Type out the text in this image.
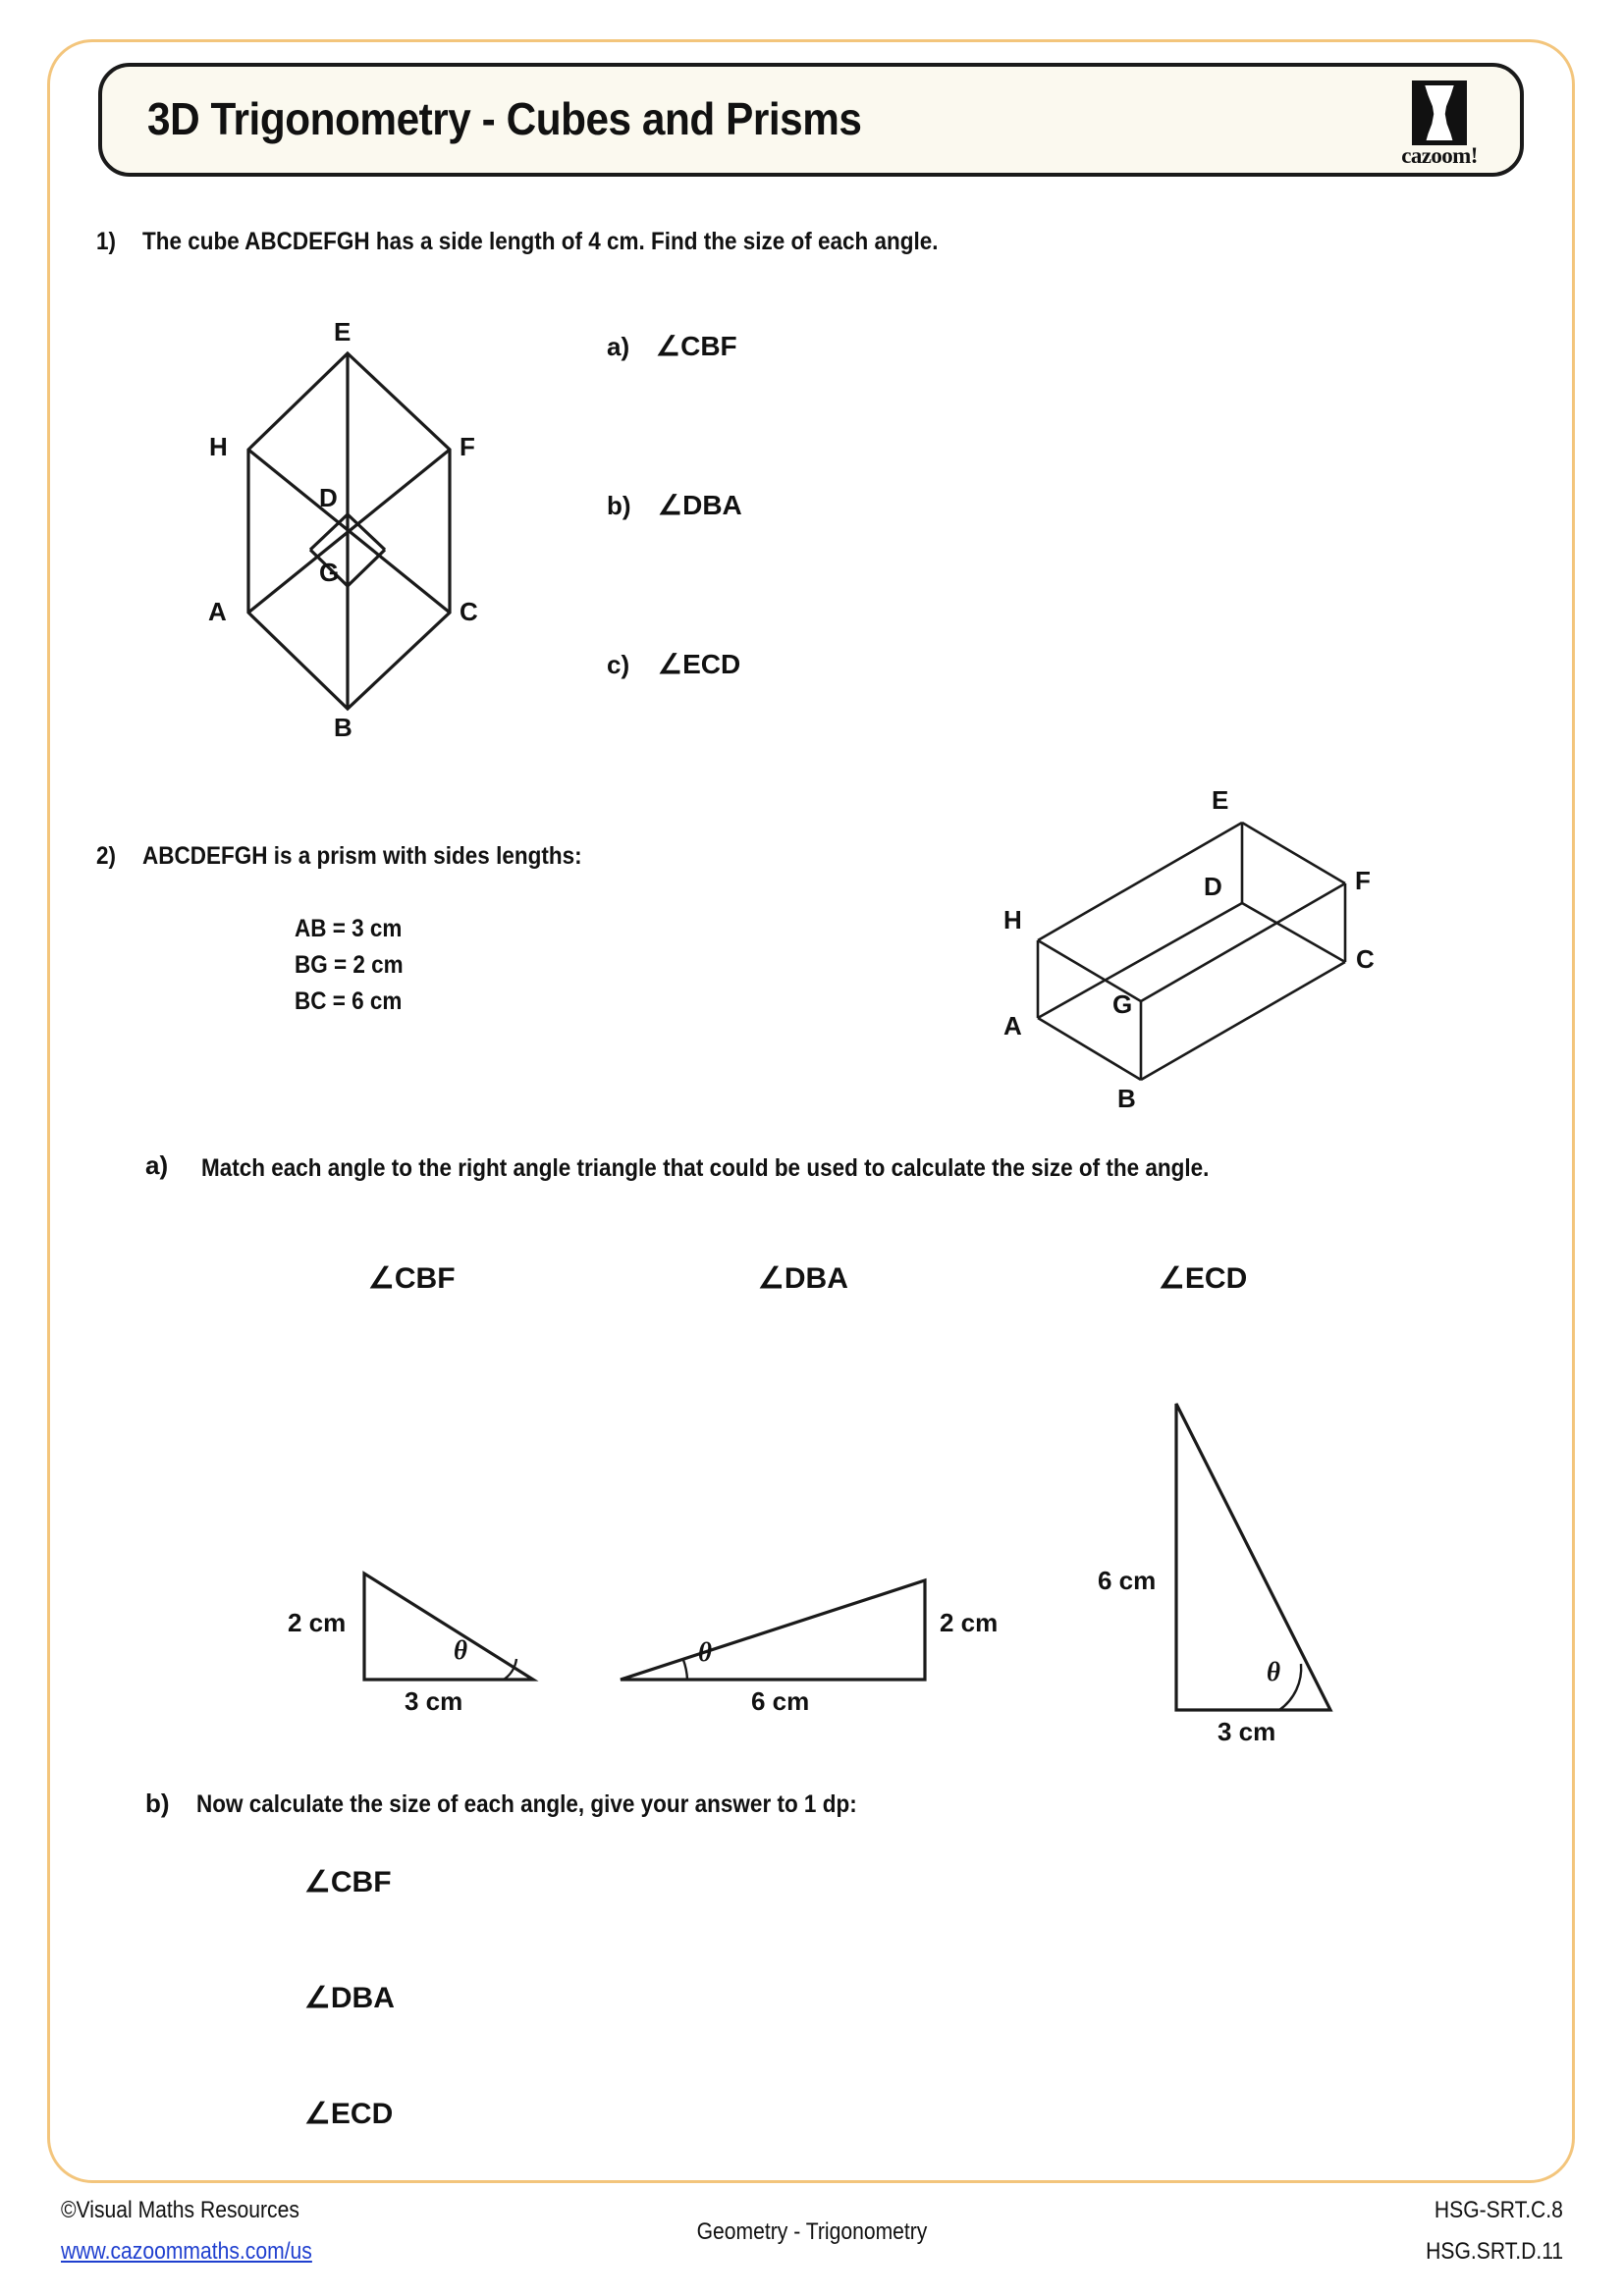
3D Trigonometry - Cubes and Prisms
cazoom!
1) The cube ABCDEFGH has a side length of 4 cm. Find the size of each angle.
E
H	F
D
G
A	C
B
a) ∠CBF
b) ∠DBA
c) ∠ECD
2) ABCDEFGH is a prism with sides lengths:
AB = 3 cm
BG = 2 cm
BC = 6 cm
E
F
D
C
H
A
G
B
a) Match each angle to the right angle triangle that could be used to calculate the size of the angle.
∠CBF	∠DBA	∠ECD
2 cm
3 cm
θ
2 cm
6 cm
θ
6 cm
3 cm
θ
b) Now calculate the size of each angle, give your answer to 1 dp:
∠CBF
∠DBA
∠ECD
©Visual Maths Resources
www.cazoommaths.com/us
Geometry - Trigonometry
HSG-SRT.C.8
HSG.SRT.D.11
